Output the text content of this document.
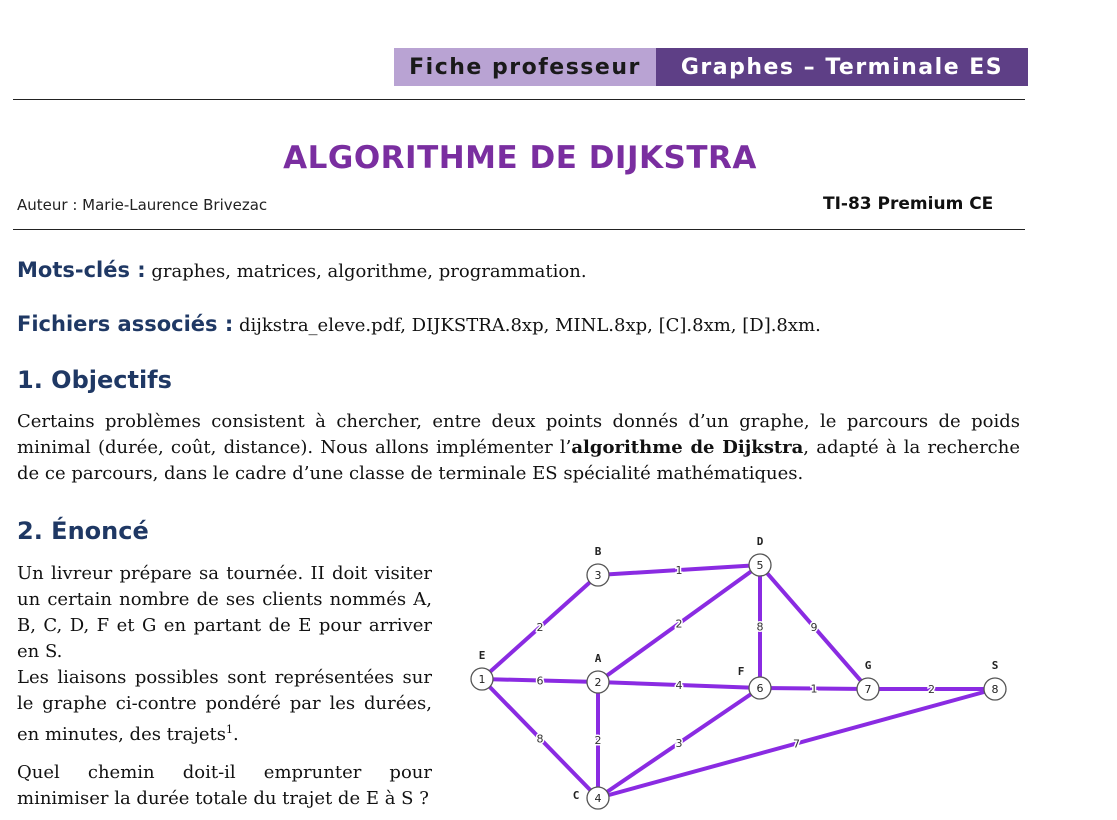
Fiche professeur	Graphes – Terminale ES
ALGORITHME DE DIJKSTRA
Auteur : Marie-Laurence Brivezac	TI-83 Premium CE
Mots-clés : graphes, matrices, algorithme, programmation.
Fichiers associés : dijkstra_eleve.pdf, DIJKSTRA.8xp, MINL.8xp, [C].8xm, [D].8xm.
1. Objectifs
Certains problèmes consistent à chercher, entre deux points donnés d’un graphe, le parcours de poids minimal (durée, coût, distance). Nous allons implémenter l’algorithme de Dijkstra, adapté à la recherche de ce parcours, dans le cadre d’une classe de terminale ES spécialité mathématiques.
2. Énoncé

Un livreur prépare sa tournée. II doit visiter un certain nombre de ses clients nommés A, B, C, D, F et G en partant de E pour arriver en S.

Les liaisons possibles sont représentées sur le graphe ci-contre pondéré par les durées, en minutes, des trajets$^1$.

Quel chemin doit-il emprunter pour

minimiser la durée totale du trajet de E à S ?

2
6
8
1
2
4
2
8	9
1
3
2
7
1
E
2
A
3
B
4
C
5
D
6
F
7
G
8
S
